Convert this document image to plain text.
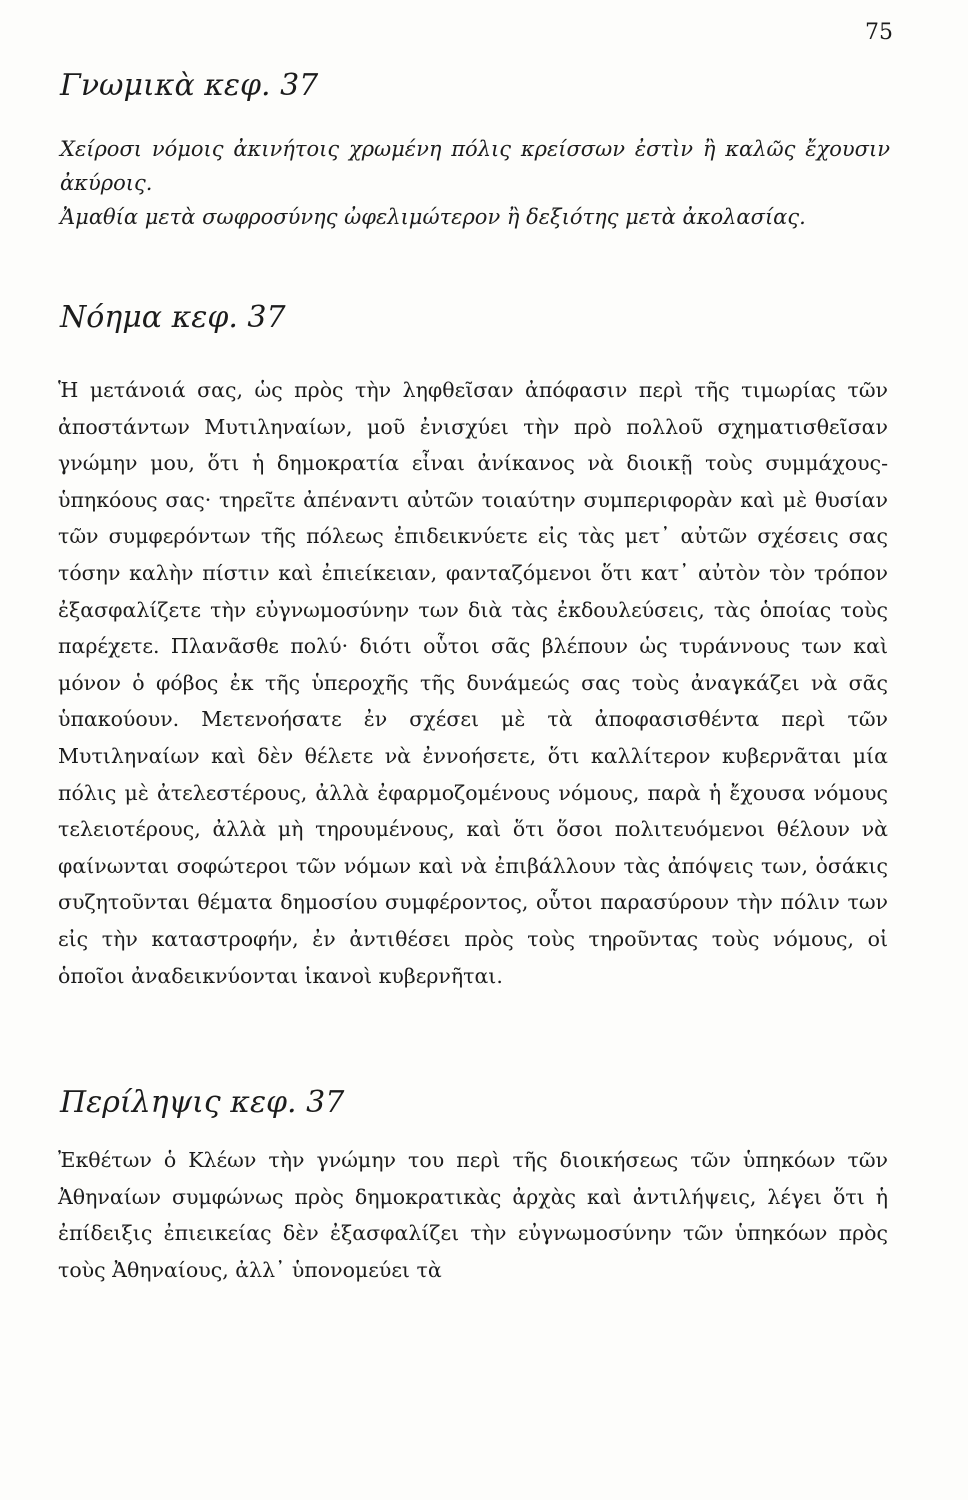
75
Γνωμικὰ κεφ. 37

Χείροσι νόμοις ἀκινήτοις χρωμένη πόλις κρείσσων ἐστὶν ἢ καλῶς ἔχουσιν ἀκύροις.

Ἀμαθία μετὰ σωφροσύνης ὠφελιμώτερον ἢ δεξιότης μετὰ ἀκολασίας.

Νόημα κεφ. 37

Ἡ μετάνοιά σας, ὡς πρὸς τὴν ληφθεῖσαν ἀπόφασιν περὶ τῆς τιμωρίας τῶν ἀποστάντων Μυτιληναίων, μοῦ ἐνισχύει τὴν πρὸ πολλοῦ σχηματισθεῖσαν γνώμην μου, ὅτι ἡ δημοκρατία εἶναι ἀνίκανος νὰ διοικῇ τοὺς συμμάχους-ὑπηκόους σας· τηρεῖτε ἀπέναντι αὐτῶν τοιαύτην συμπεριφορὰν καὶ μὲ θυσίαν τῶν συμφερόντων τῆς πόλεως ἐπιδεικνύετε εἰς τὰς μετ᾽ αὐτῶν σχέσεις σας τόσην καλὴν πίστιν καὶ ἐπιείκειαν, φανταζόμενοι ὅτι κατ᾽ αὐτὸν τὸν τρόπον ἐξασφαλίζετε τὴν εὐγνωμοσύνην των διὰ τὰς ἐκδουλεύσεις, τὰς ὁποίας τοὺς παρέχετε. Πλανᾶσθε πολύ· διότι οὗτοι σᾶς βλέπουν ὡς τυράννους των καὶ μόνον ὁ φόβος ἐκ τῆς ὑπεροχῆς τῆς δυνάμεώς σας τοὺς ἀναγκάζει νὰ σᾶς ὑπακούουν. Μετενοήσατε ἐν σχέσει μὲ τὰ ἀποφασισθέντα περὶ τῶν Μυτιληναίων καὶ δὲν θέλετε νὰ ἐννοήσετε, ὅτι καλλίτερον κυβερνᾶται μία πόλις μὲ ἀτελεστέρους, ἀλλὰ ἐφαρμοζομένους νόμους, παρὰ ἡ ἔχουσα νόμους τελειοτέρους, ἀλλὰ μὴ τηρουμένους, καὶ ὅτι ὅσοι πολιτευόμενοι θέλουν νὰ φαίνωνται σοφώτεροι τῶν νόμων καὶ νὰ ἐπιβάλλουν τὰς ἀπόψεις των, ὁσάκις συζητοῦνται θέματα δημοσίου συμφέροντος, οὗτοι παρασύρουν τὴν πόλιν των εἰς τὴν καταστροφήν, ἐν ἀντιθέσει πρὸς τοὺς τηροῦντας τοὺς νόμους, οἱ ὁποῖοι ἀναδεικνύονται ἱκανοὶ κυβερνῆται.

Περίληψις κεφ. 37

Ἐκθέτων ὁ Κλέων τὴν γνώμην του περὶ τῆς διοικήσεως τῶν ὑπηκόων τῶν Ἀθηναίων συμφώνως πρὸς δημοκρατικὰς ἀρχὰς καὶ ἀντιλήψεις, λέγει ὅτι ἡ ἐπίδειξις ἐπιεικείας δὲν ἐξασφαλίζει τὴν εὐγνωμοσύνην τῶν ὑπηκόων πρὸς τοὺς Ἀθηναίους, ἀλλ᾽ ὑπονομεύει τὰ
